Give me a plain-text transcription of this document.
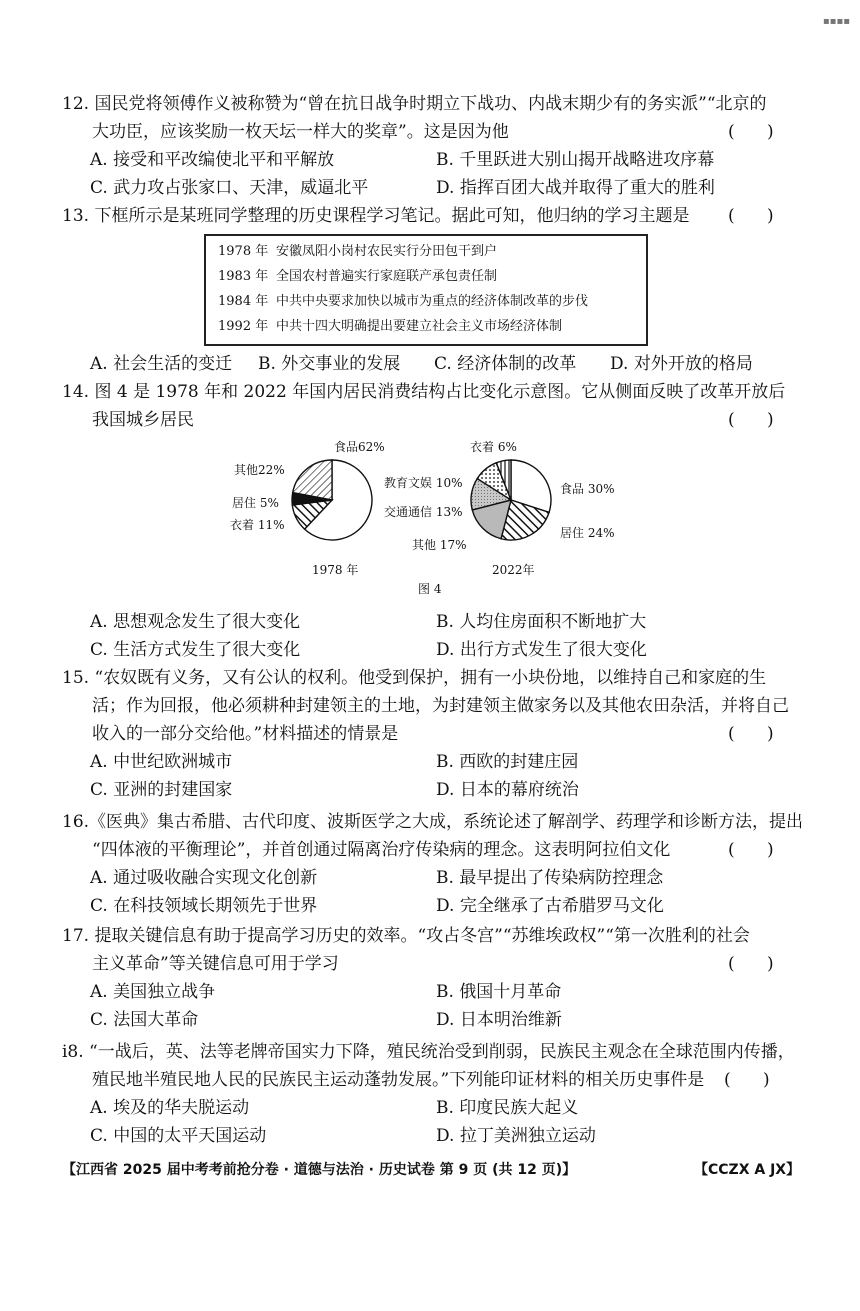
▪▪▪▪
12. 国民党将领傅作义被称赞为“曾在抗日战争时期立下战功、内战末期少有的务实派”“北京的
大功臣，应该奖励一枚天坛一样大的奖章”。这是因为他	(      )
A. 接受和平改编使北平和平解放	B. 千里跃进大别山揭开战略进攻序幕
C. 武力攻占张家口、天津，威逼北平	D. 指挥百团大战并取得了重大的胜利
13. 下框所示是某班同学整理的历史课程学习笔记。据此可知，他归纳的学习主题是 (      )
1978 年 安徽凤阳小岗村农民实行分田包干到户
1983 年 全国农村普遍实行家庭联产承包责任制
1984 年 中共中央要求加快以城市为重点的经济体制改革的步伐
1992 年 中共十四大明确提出要建立社会主义市场经济体制
A. 社会生活的变迁 B. 外交事业的发展 C. 经济体制的改革 D. 对外开放的格局
14. 图 4 是 1978 年和 2022 年国内居民消费结构占比变化示意图。它从侧面反映了改革开放后
我国城乡居民	(      )
食品62%
其他22%
居住 5%
衣着 11%
1978 年
衣着 6%
教育文娱 10%
交通通信 13%
其他 17%
食品 30%
居住 24%
2022年
图 4
A. 思想观念发生了很大变化	B. 人均住房面积不断地扩大
C. 生活方式发生了很大变化	D. 出行方式发生了很大变化
15. “农奴既有义务，又有公认的权利。他受到保护，拥有一小块份地，以维持自己和家庭的生
活；作为回报，他必须耕种封建领主的土地，为封建领主做家务以及其他农田杂活，并将自己
收入的一部分交给他。”材料描述的情景是	(      )
A. 中世纪欧洲城市	B. 西欧的封建庄园
C. 亚洲的封建国家	D. 日本的幕府统治
16.《医典》集古希腊、古代印度、波斯医学之大成，系统论述了解剖学、药理学和诊断方法，提出
“四体液的平衡理论”，并首创通过隔离治疗传染病的理念。这表明阿拉伯文化	(      )
A. 通过吸收融合实现文化创新	B. 最早提出了传染病防控理念
C. 在科技领域长期领先于世界	D. 完全继承了古希腊罗马文化
17. 提取关键信息有助于提高学习历史的效率。“攻占冬宫”“苏维埃政权”“第一次胜利的社会
主义革命”等关键信息可用于学习	(      )
A. 美国独立战争	B. 俄国十月革命
C. 法国大革命	D. 日本明治维新
i8. “一战后，英、法等老牌帝国实力下降，殖民统治受到削弱，民族民主观念在全球范围内传播，
殖民地半殖民地人民的民族民主运动蓬勃发展。”下列能印证材料的相关历史事件是 (      )
A. 埃及的华夫脱运动	B. 印度民族大起义
C. 中国的太平天国运动	D. 拉丁美洲独立运动
【江西省 2025 届中考考前抢分卷 · 道德与法治 · 历史试卷 第 9 页 (共 12 页)】	【CCZX A JX】
